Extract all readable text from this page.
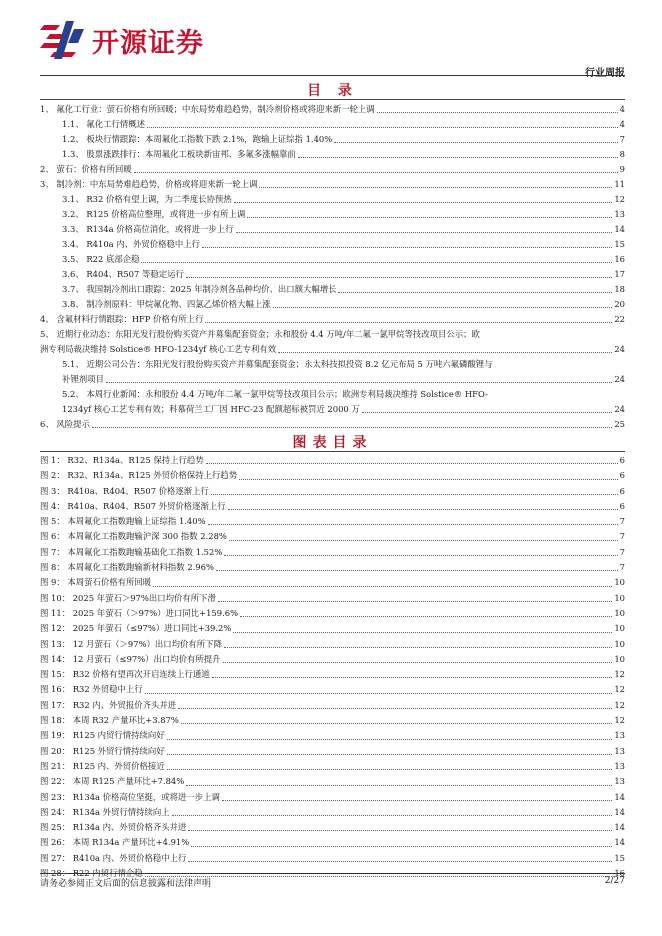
开源证券
行业周报
目 录
1、 氟化工行业：萤石价格有所回暖；中东局势难趋趋势，制冷剂价格或将迎来新一轮上调	4
1.1、 氟化工行情概述	4
1.2、 板块行情跟踪：本周氟化工指数下跌 2.1%，跑输上证综指 1.40%	7
1.3、 股票涨跌排行：本周氟化工板块新宙邦、多氟多涨幅靠前	8
2、 萤石：价格有所回暖	9
3、 制冷剂：中东局势难趋趋势，价格或将迎来新一轮上调	11
3.1、 R32 价格有望上调，为二季度长协预热	12
3.2、 R125 价格高位整理，或将进一步有所上调	13
3.3、 R134a 价格高位消化，或将进一步上行	14
3.4、 R410a 内、外贸价格稳中上行	15
3.5、 R22 底部企稳	16
3.6、 R404、R507 等稳定运行	17
3.7、 我国制冷剂出口跟踪：2025 年制冷剂各品种均价、出口额大幅增长	18
3.8、 制冷剂原料：甲烷氟化物、四氯乙烯价格大幅上涨	20
4、 含氟材料行情跟踪：HFP 价格有所上行	22
5、 近期行业动态：东阳光发行股份购买资产并募集配套资金；永和股份 4.4 万吨/年二氟一氯甲烷等技改项目公示；欧
洲专利局裁决维持 Solstice® HFO-1234yf 核心工艺专利有效	24
5.1、 近期公司公告：东阳光发行股份购买资产并募集配套资金；永太科技拟投资 8.2 亿元布局 5 万吨六氟磷酸锂与
补锂剂项目	24
5.2、 本周行业新闻：永和股份 4.4 万吨/年二氟一氯甲烷等技改项目公示；欧洲专利局裁决维持 Solstice® HFO-
1234yf 核心工艺专利有效；科慕荷兰工厂因 HFC-23 配额超标被罚近 2000 万	24
6、 风险提示	25
图表目录
图 1： R32、R134a、R125 保持上行趋势	6
图 2： R32、R134a、R125 外贸价格保持上行趋势	6
图 3： R410a、R404、R507 价格逐渐上行	6
图 4： R410a、R404、R507 外贸价格逐渐上行	6
图 5： 本周氟化工指数跑输上证综指 1.40%	7
图 6： 本周氟化工指数跑输沪深 300 指数 2.28%	7
图 7： 本周氟化工指数跑输基础化工指数 1.52%	7
图 8： 本周氟化工指数跑输新材料指数 2.96%	7
图 9： 本周萤石价格有所回暖	10
图 10： 2025 年萤石＞97%出口均价有所下滑	10
图 11： 2025 年萤石（＞97%）进口同比+159.6%	10
图 12： 2025 年萤石（≤97%）进口同比+39.2%	10
图 13： 12 月萤石（＞97%）出口均价有所下降	10
图 14： 12 月萤石（≤97%）出口均价有所提升	10
图 15： R32 价格有望再次开启连续上行通道	12
图 16： R32 外贸稳中上行	12
图 17： R32 内、外贸报价齐头并进	12
图 18： 本周 R32 产量环比+3.87%	12
图 19： R125 内贸行情持续向好	13
图 20： R125 外贸行情持续向好	13
图 21： R125 内、外贸价格接近	13
图 22： 本周 R125 产量环比+7.84%	13
图 23： R134a 价格高位坚挺，或将进一步上调	14
图 24： R134a 外贸行情持续向上	14
图 25： R134a 内、外贸价格齐头并进	14
图 26： 本周 R134a 产量环比+4.91%	14
图 27： R410a 内、外贸价格稳中上行	15
图 28： R22 内贸行情企稳	16
请务必参阅正文后面的信息披露和法律声明	2/27
